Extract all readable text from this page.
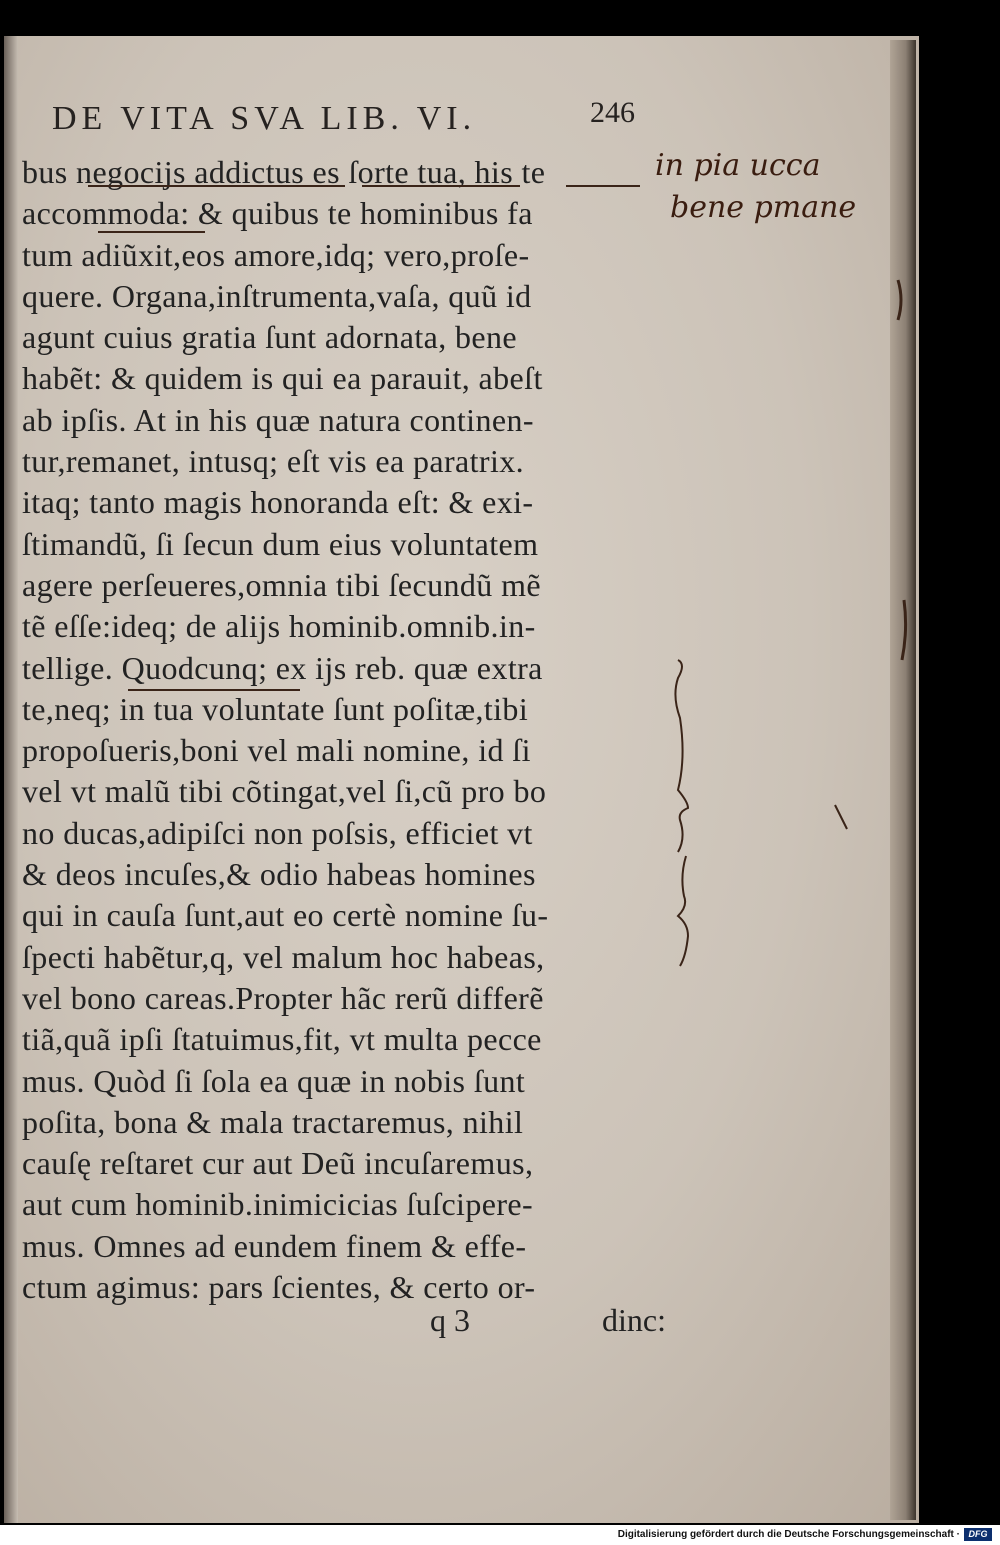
DE VITA SVA LIB. VI.	246
bus negocijs addictus es ſorte tua, his te
accommoda: & quibus te hominibus fa
tum adiũxit,eos amore,idq; vero,proſe-
quere. Organa,inſtrumenta,vaſa, quũ id
agunt cuius gratia ſunt adornata, bene
habẽt: & quidem is qui ea parauit, abeſt
ab ipſis. At in his quæ natura continen-
tur,remanet, intusq; eſt vis ea paratrix.
itaq; tanto magis honoranda eſt: & exi-
ſtimandũ, ſi ſecun dum eius voluntatem
agere perſeueres,omnia tibi ſecundũ mẽ
tẽ eſſe:ideq; de alijs hominib.omnib.in-
tellige. Quodcunq; ex ijs reb. quæ extra
te,neq; in tua voluntate ſunt poſitæ,tibi
propoſueris,boni vel mali nomine, id ſi
vel vt malũ tibi cõtingat,vel ſi,cũ pro bo
no ducas,adipiſci non poſsis, efficiet vt
& deos incuſes,& odio habeas homines
qui in cauſa ſunt,aut eo certè nomine ſu-
ſpecti habẽtur,q, vel malum hoc habeas,
vel bono careas.Propter hãc rerũ differẽ
tiã,quã ipſi ſtatuimus,fit, vt multa pecce
mus. Quòd ſi ſola ea quæ in nobis ſunt
poſita, bona & mala tractaremus, nihil
cauſę reſtaret cur aut Deũ incuſaremus,
aut cum hominib.inimicicias ſuſcipere-
mus. Omnes ad eundem finem & effe-
ctum agimus: pars ſcientes, & certo or-
q 3	dinc:
in pia ucca
bene pmane
Digitalisierung gefördert durch die Deutsche Forschungsgemeinschaft · DFG
